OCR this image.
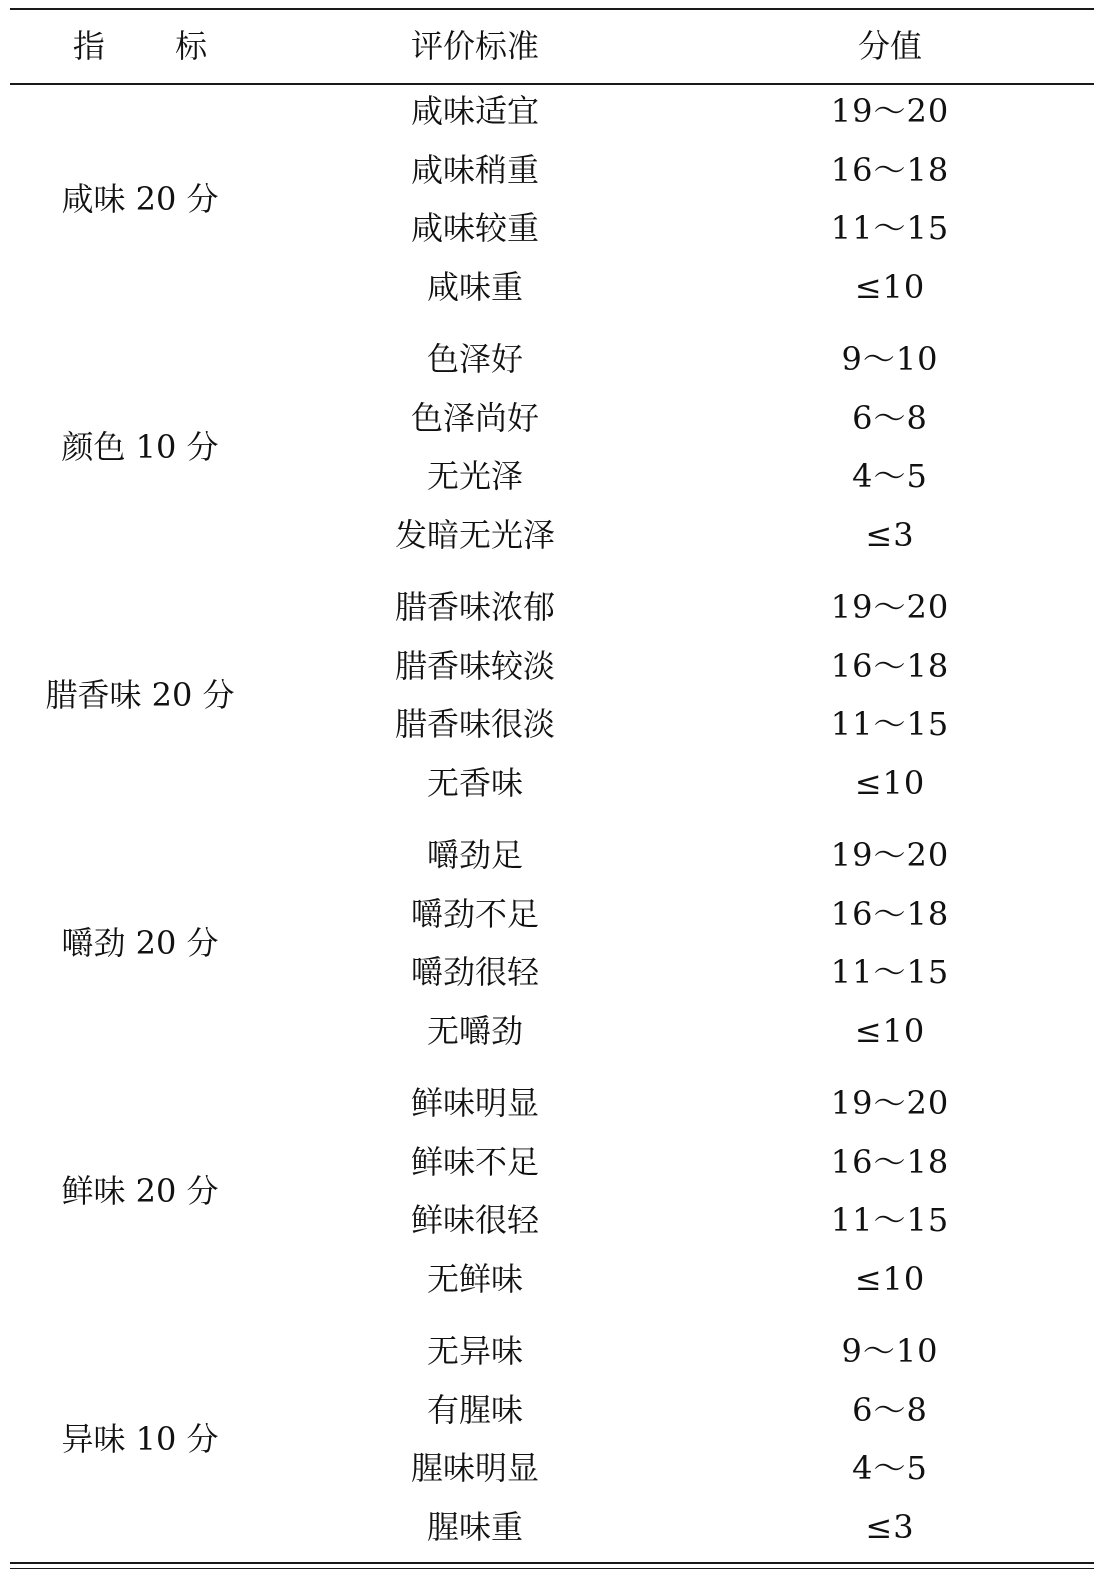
指 标	评价标准	分值
咸味 20 分
咸味适宜	19～20
咸味稍重	16～18
咸味较重	11～15
咸味重	≤10
颜色 10 分
色泽好	9～10
色泽尚好	6～8
无光泽	4～5
发暗无光泽	≤3
腊香味 20 分
腊香味浓郁	19～20
腊香味较淡	16～18
腊香味很淡	11～15
无香味	≤10
嚼劲 20 分
嚼劲足	19～20
嚼劲不足	16～18
嚼劲很轻	11～15
无嚼劲	≤10
鲜味 20 分
鲜味明显	19～20
鲜味不足	16～18
鲜味很轻	11～15
无鲜味	≤10
异味 10 分
无异味	9～10
有腥味	6～8
腥味明显	4～5
腥味重	≤3
